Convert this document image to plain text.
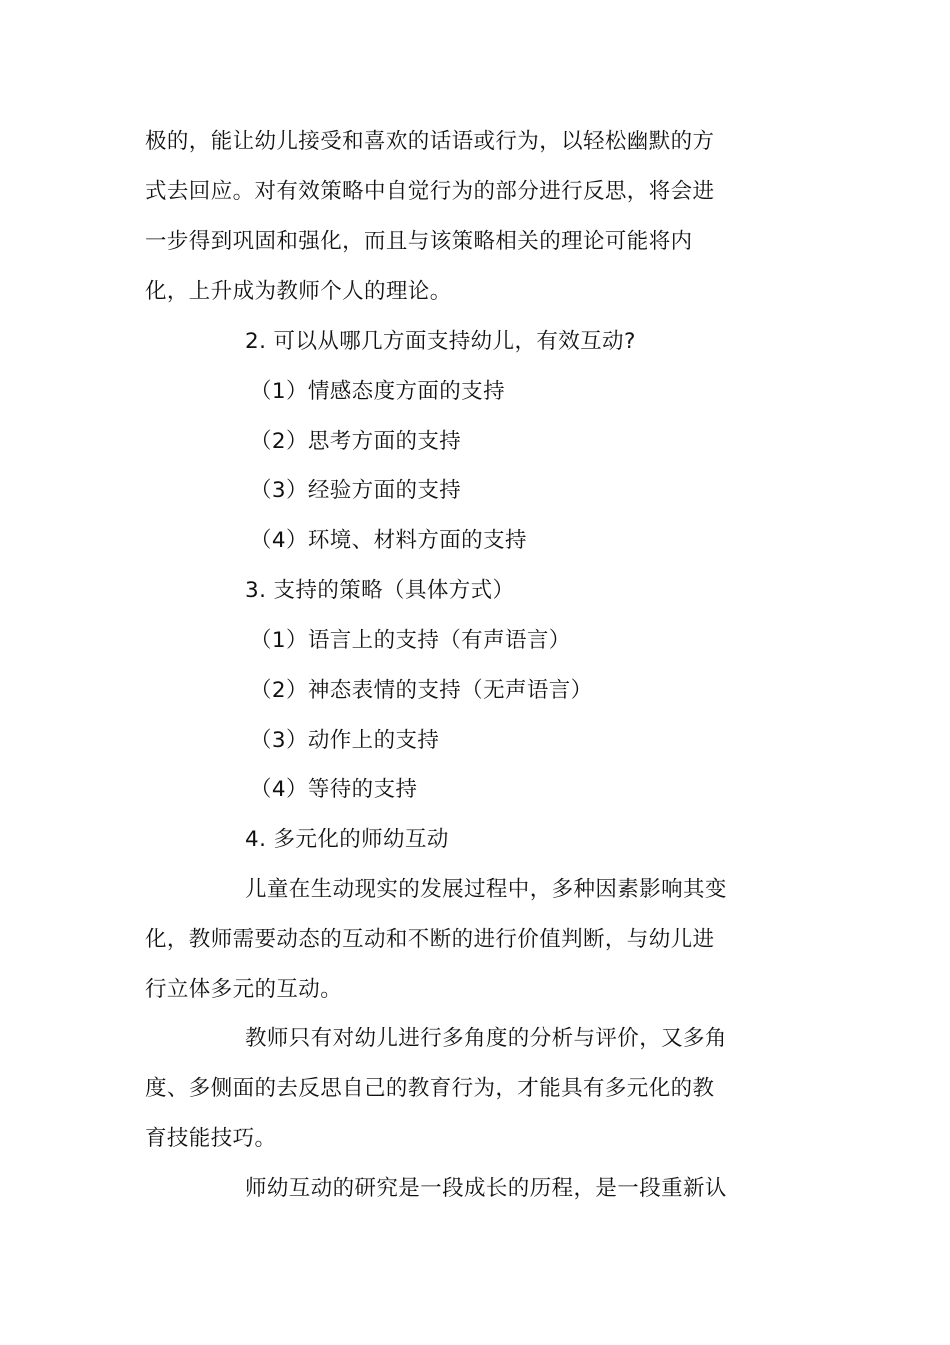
极的，能让幼儿接受和喜欢的话语或行为，以轻松幽默的方
式去回应。对有效策略中自觉行为的部分进行反思，将会进
一步得到巩固和强化，而且与该策略相关的理论可能将内
化，上升成为教师个人的理论。
2. 可以从哪几方面支持幼儿，有效互动?
（1）情感态度方面的支持
（2）思考方面的支持
（3）经验方面的支持
（4）环境、材料方面的支持
3. 支持的策略（具体方式）
（1）语言上的支持（有声语言）
（2）神态表情的支持（无声语言）
（3）动作上的支持
（4）等待的支持
4. 多元化的师幼互动
儿童在生动现实的发展过程中，多种因素影响其变
化，教师需要动态的互动和不断的进行价值判断，与幼儿进
行立体多元的互动。
教师只有对幼儿进行多角度的分析与评价，又多角
度、多侧面的去反思自己的教育行为，才能具有多元化的教
育技能技巧。
师幼互动的研究是一段成长的历程，是一段重新认
